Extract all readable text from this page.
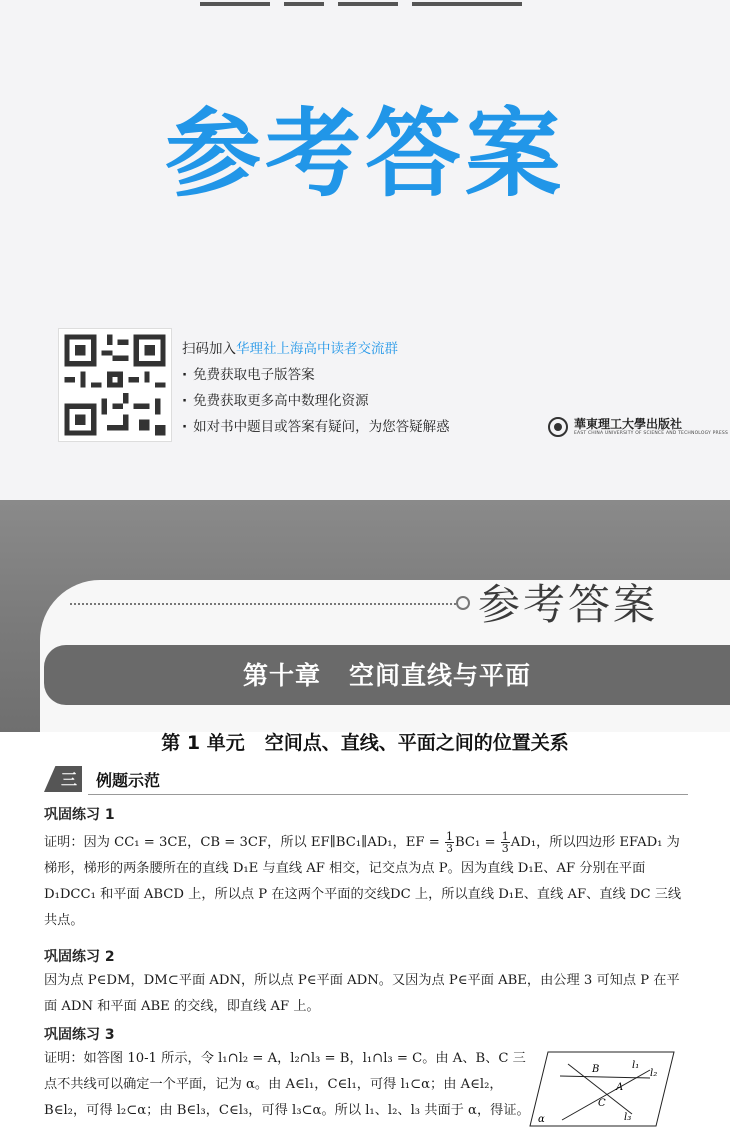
参考答案
扫码加入华理社上海高中读者交流群
· 免费获取电子版答案
· 免费获取更多高中数理化资源
· 如对书中题目或答案有疑问，为您答疑解惑	華東理工大學出版社
EAST CHINA UNIVERSITY OF SCIENCE AND TECHNOLOGY PRESS
参考答案
第十章 空间直线与平面
第 1 单元 空间点、直线、平面之间的位置关系
三	例题示范
巩固练习 1
证明：因为 CC₁ = 3CE，CB = 3CF，所以 EF∥BC₁∥AD₁，EF = $\frac{1}{3} BC_1 = \frac{1}{3} AD_1$，所以四边形 EFAD₁ 为梯形，梯形的两条腰所在的直线 D₁E 与直线 AF 相交，记交点为点 P。因为直线 D₁E、AF 分别在平面 D₁DCC₁ 和平面 ABCD 上，所以点 P 在这两个平面的交线DC 上，所以直线 D₁E、直线 AF、直线 DC 三线共点。
巩固练习 2
因为点 P∈DM，DM⊂平面 ADN，所以点 P∈平面 ADN。又因为点 P∈平面 ABE，由公理 3 可知点 P 在平面 ADN 和平面 ABE 的交线，即直线 AF 上。
巩固练习 3
证明：如答图 10-1 所示，令 l₁∩l₂ = A，l₂∩l₃ = B，l₁∩l₃ = C。由 A、B、C 三点不共线可以确定一个平面，记为 α。由 A∈l₁，C∈l₁，可得 l₁⊂α；由 A∈l₂，B∈l₂，可得 l₂⊂α；由 B∈l₃，C∈l₃，可得 l₃⊂α。所以 l₁、l₂、l₃ 共面于 α，得证。
B	l₁
l₂
A
C
l₃
α
